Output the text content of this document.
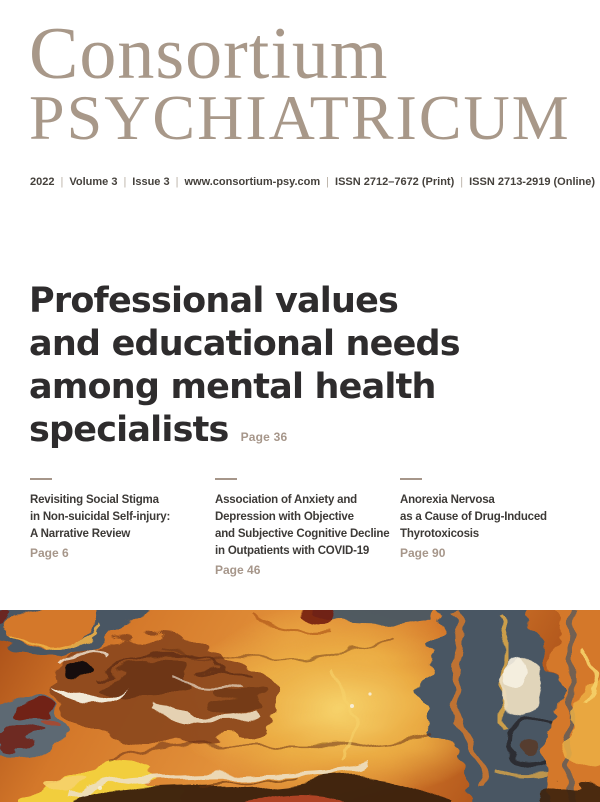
Consortium
PSYCHIATRICUM
2022 | Volume 3 | Issue 3 | www.consortium-psy.com | ISSN 2712–7672 (Print) | ISSN 2713-2919 (Online)
Professional values
and educational needs
among mental health
specialists Page 36
Revisiting Social Stigma
in Non-suicidal Self-injury:
A Narrative Review
Page 6
Association of Anxiety and
Depression with Objective
and Subjective Cognitive Decline
in Outpatients with COVID-19
Page 46
Anorexia Nervosa
as a Cause of Drug-Induced
Thyrotoxicosis
Page 90
